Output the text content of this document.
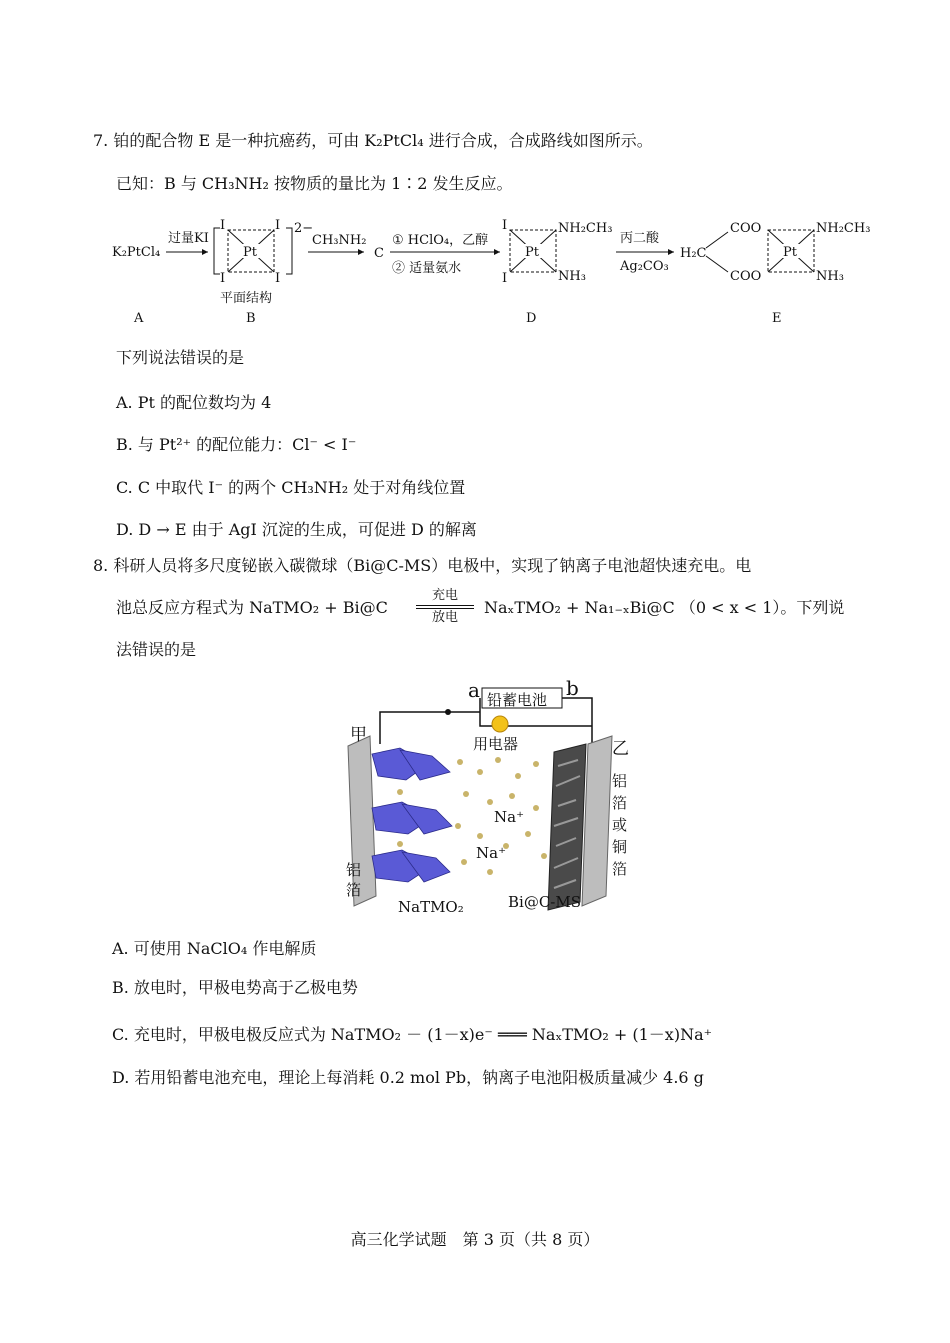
7. 铂的配合物 E 是一种抗癌药，可由 K₂PtCl₄ 进行合成，合成路线如图所示。
已知：B 与 CH₃NH₂ 按物质的量比为 1∶2 发生反应。
K₂PtCl₄
过量KI
Pt
I	I
I	I
2−
平面结构
CH₃NH₂
C
① HClO₄，乙醇
② 适量氨水
Pt
I
I
NH₂CH₃
NH₃
丙二酸
Ag₂CO₃
H₂C
COO
COO
Pt
NH₂CH₃
NH₃
A	B	D	E
下列说法错误的是
A. Pt 的配位数均为 4
B. 与 Pt²⁺ 的配位能力：Cl⁻ < I⁻
C. C 中取代 I⁻ 的两个 CH₃NH₂ 处于对角线位置
D. D → E 由于 AgI 沉淀的生成，可促进 D 的解离
8. 科研人员将多尺度铋嵌入碳微球（Bi@C-MS）电极中，实现了钠离子电池超快速充电。电
池总反应方程式为 NaTMO₂ + Bi@C
充电
放电
NaₓTMO₂ + Na₁₋ₓBi@C （0 < x < 1）。下列说
法错误的是
a	b
铅蓄电池
用电器
甲
乙
铝箔
铝箔或铜箔
Na⁺
Na⁺
NaTMO₂	Bi@C-MS
A. 可使用 NaClO₄ 作电解质
B. 放电时，甲极电势高于乙极电势
C. 充电时，甲极电极反应式为 NaTMO₂ － (1－x)e⁻ ═══ NaₓTMO₂ + (1－x)Na⁺
D. 若用铅蓄电池充电，理论上每消耗 0.2 mol Pb，钠离子电池阳极质量减少 4.6 g
高三化学试题　第 3 页（共 8 页）
